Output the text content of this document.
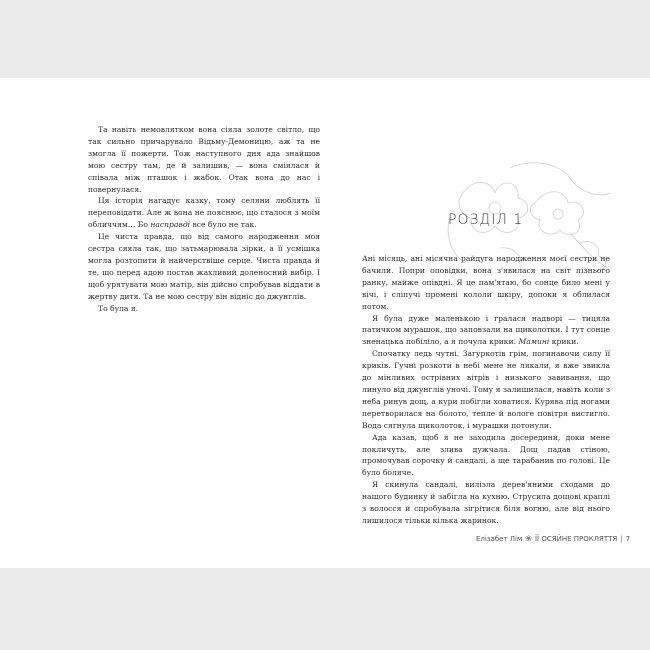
Та навіть немовлятком вона сіяла золоте світло, що так сильно причарувало Відьму-Демоницю, аж та не змогла її пожерти. Тож наступного дня ада знайшов мою сестру там, де й залишив, — вона сміялася й співала між пташок і жабок. Отак вона до нас і повернулася.

Ця історія нагадує казку, тому селяни люблять її переповідати. Але ж вона не пояснює, що сталося з моїм обличчям… Бо насправді все було не так.

Це чиста правда, що від самого народження моя сестра сяяла так, що затьмарювала зірки, а її усмішка могла розтопити й найчерствіше серце. Чиста правда й те, що перед адою постав жахливий доленосний вибір. І щоб урятувати мою матір, він дійсно спробував віддати в жертву дитя. Та не мою сестру він відніс до джунглів.

То була я.

РОЗДІЛ 1

Ані місяць, ані місячна райдуга народження моєї сестри не бачили. Попри оповідки, вона з'явилася на світ пізнього ранку, майже опівдні. Я це пам'ятаю, бо сонце било мені у вічі, і сліпучі промені кололи шкіру, допоки я облилася потом.

Я була дуже маленькою і гралася надворі — тицяла патичком мурашок, що заповзали на щиколотки. І тут сонце зненацька побіліло, а я почула крики. Мамині крики.

Спочатку ледь чутні. Загуркотів грім, погинавочи силу її криків. Гучні розкоти в небі мене не лякали, я вже звикла до мінливих острівних вітрів і низького завивання, що линуло від джунглів уночі. Тому я залишилася, навіть коли з неба ринув дощ, а кури побігли ховатися. Курява під ногами перетворилася на болото, тепле й вологе повітря вистигло. Вода сягнула щиколоток, і мурашки потонули.

Ада казав, щоб я не заходила досередини, доки мене покличуть, але злива дужчала. Дощ падав стіною, промочував сорочку й сандалі, а ще тарабанив по голові. Це було боляче.

Я скинула сандалі, вилізла дерев'яними сходами до нашого будинку й забігла на кухню. Струсила дощові краплі з волосся й спробувала зігрітися біля вогню, але від нього лишилося тільки кілька жаринок.

Елізабет Лім ❀ ЇЇ ОСЯЙНЕ ПРОКЛЯТТЯ | 7
